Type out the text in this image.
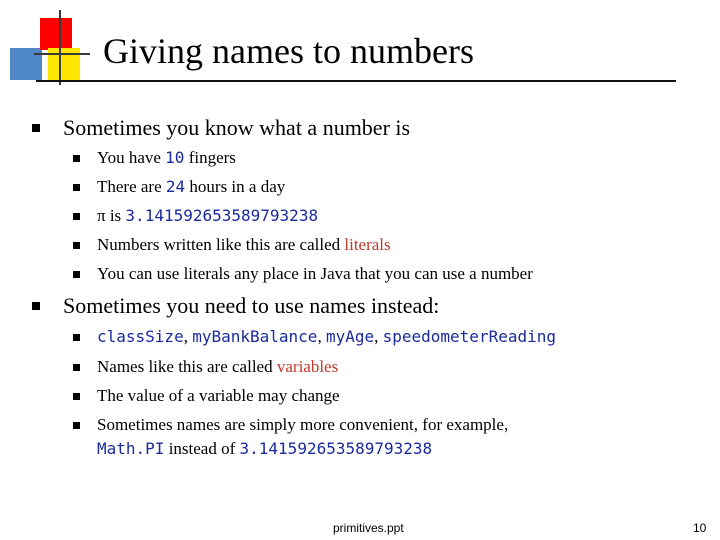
Giving names to numbers
Sometimes you know what a number is
You have 10 fingers
There are 24 hours in a day
π is 3.141592653589793238
Numbers written like this are called literals
You can use literals any place in Java that you can use a number
Sometimes you need to use names instead:
classSize, myBankBalance, myAge, speedometerReading
Names like this are called variables
The value of a variable may change
Sometimes names are simply more convenient, for example,
Math.PI instead of 3.141592653589793238
primitives.ppt	10
